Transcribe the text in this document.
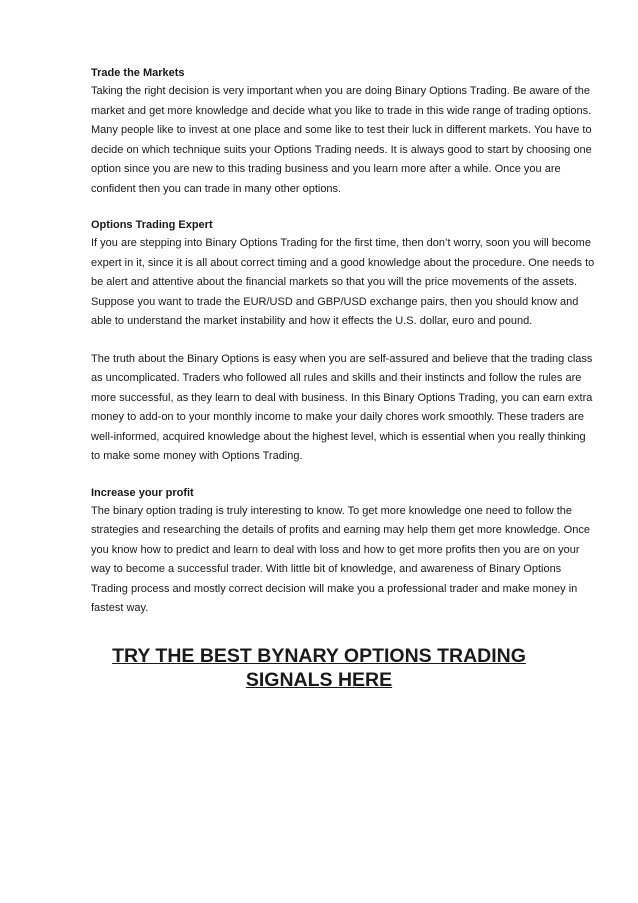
Trade the Markets

Taking the right decision is very important when you are doing Binary Options Trading. Be aware of the market and get more knowledge and decide what you like to trade in this wide range of trading options. Many people like to invest at one place and some like to test their luck in different markets. You have to decide on which technique suits your Options Trading needs. It is always good to start by choosing one option since you are new to this trading business and you learn more after a while. Once you are confident then you can trade in many other options.

Options Trading Expert

If you are stepping into Binary Options Trading for the first time, then don’t worry, soon you will become expert in it, since it is all about correct timing and a good knowledge about the procedure. One needs to be alert and attentive about the financial markets so that you will the price movements of the assets. Suppose you want to trade the EUR/USD and GBP/USD exchange pairs, then you should know and able to understand the market instability and how it effects the U.S. dollar, euro and pound.

The truth about the Binary Options is easy when you are self-assured and believe that the trading class as uncomplicated. Traders who followed all rules and skills and their instincts and follow the rules are more successful, as they learn to deal with business. In this Binary Options Trading, you can earn extra money to add-on to your monthly income to make your daily chores work smoothly. These traders are well-informed, acquired knowledge about the highest level, which is essential when you really thinking to make some money with Options Trading.

Increase your profit

The binary option trading is truly interesting to know. To get more knowledge one need to follow the strategies and researching the details of profits and earning may help them get more knowledge. Once you know how to predict and learn to deal with loss and how to get more profits then you are on your way to become a successful trader. With little bit of knowledge, and awareness of Binary Options Trading process and mostly correct decision will make you a professional trader and make money in fastest way.

TRY THE BEST BYNARY OPTIONS TRADING
SIGNALS HERE
